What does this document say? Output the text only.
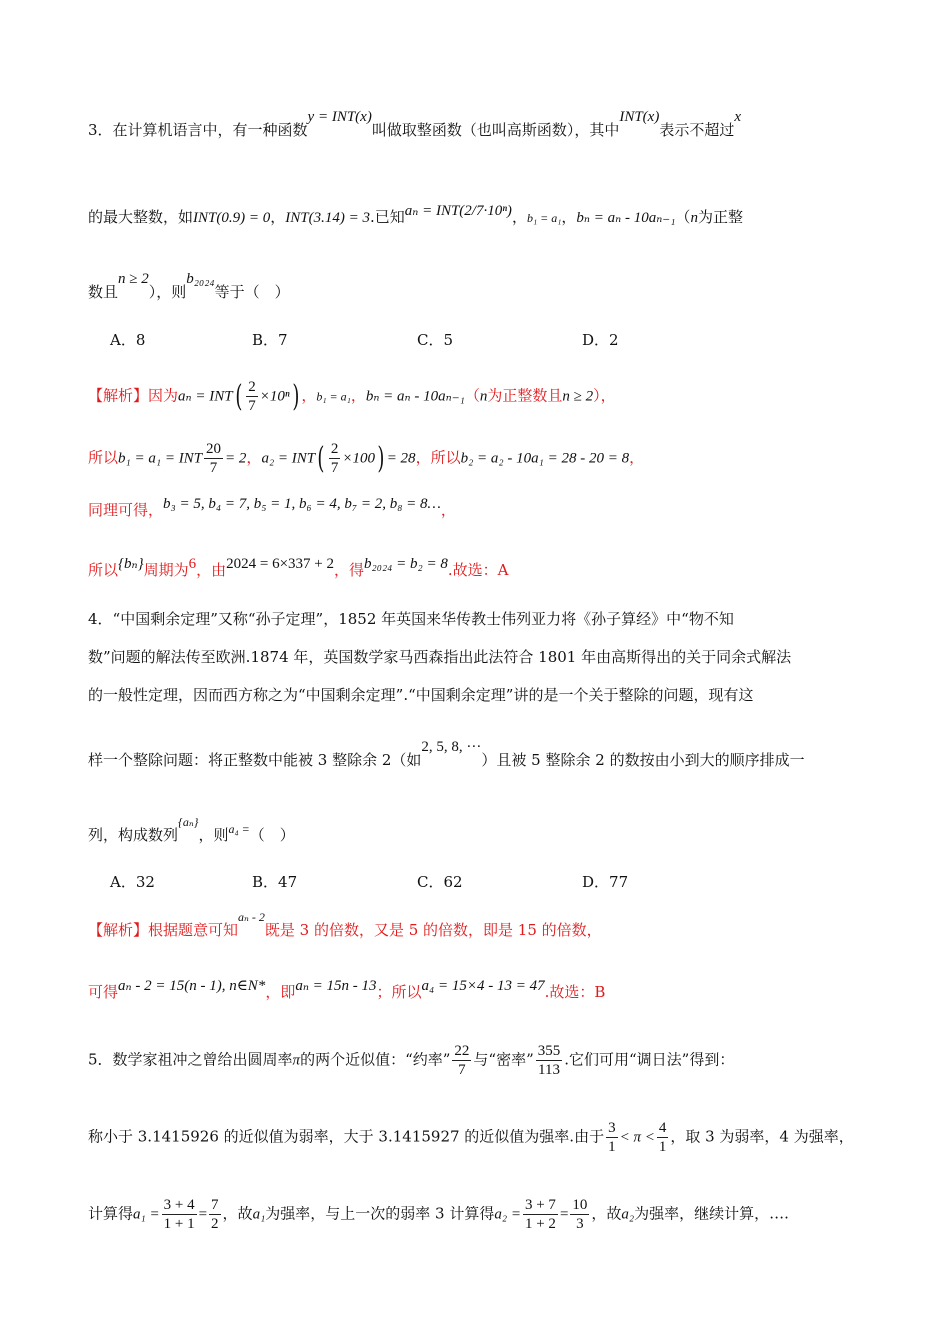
3．在计算机语言中，有一种函数y = INT(x)叫做取整函数（也叫高斯函数），其中INT(x)表示不超过x
的最大整数，如INT(0.9) = 0，INT(3.14) = 3.已知aₙ = INT(2/7·10ⁿ)，b₁ = a₁，bₙ = aₙ - 10aₙ₋₁（n为正整
数且n ≥ 2），则b₂₀₂₄等于（　）
A．8	B．7	C．5	D．2
【解析】因为$a_n = INT( \frac{2}{7} \times 10^n)$ ，b₁ = a₁，bₙ = aₙ - 10aₙ₋₁（n为正整数且n ≥ 2），
所以b₁ = a₁ = INT $\frac{20}{7} = 2$，$a_2 = INT( \frac{2}{7} \times 100) = 28$，所以b₂ = a₂ - 10a₁ = 28 - 20 = 8，
同理可得，b₃ = 5, b₄ = 7, b₅ = 1, b₆ = 4, b₇ = 2, b₈ = 8…，
所以{bₙ}周期为6，由2024 = 6×337 + 2，得b₂₀₂₄ = b₂ = 8.故选：A
4．“中国剩余定理”又称“孙子定理”，1852 年英国来华传教士伟列亚力将《孙子算经》中“物不知
数”问题的解法传至欧洲.1874 年，英国数学家马西森指出此法符合 1801 年由高斯得出的关于同余式解法
的一般性定理，因而西方称之为“中国剩余定理”.“中国剩余定理”讲的是一个关于整除的问题，现有这
样一个整除问题：将正整数中能被 3 整除余 2（如2, 5, 8, ···）且被 5 整除余 2 的数按由小到大的顺序排成一
列，构成数列$^{\{a_n\}}$，则$^{a_4 =}$（　）
A．32	B．47	C．62	D．77
【解析】根据题意可知$^{a_n - 2}$既是 3 的倍数，又是 5 的倍数，即是 15 的倍数，
可得aₙ - 2 = 15(n - 1), n∈N*，即aₙ = 15n - 13；所以a₄ = 15×4 - 13 = 47.故选：B
5．数学家祖冲之曾给出圆周率π的两个近似值：“约率” $\frac{22}{7}$ 与“密率” $\frac{355}{113}$ .它们可用“调日法”得到：
称小于 3.1415926 的近似值为弱率，大于 3.1415927 的近似值为强率.由于 $\frac{3}{1} < \pi < \frac{4}{1}$ ，取 3 为弱率，4 为强率，
计算得$a_1 = \frac{3 + 4}{1 + 1} = \frac{7}{2}$ ，故a₁为强率，与上一次的弱率 3 计算得$a_2 = \frac{3 + 7}{1 + 2} = \frac{10}{3}$ ，故a₂为强率，继续计算，….
